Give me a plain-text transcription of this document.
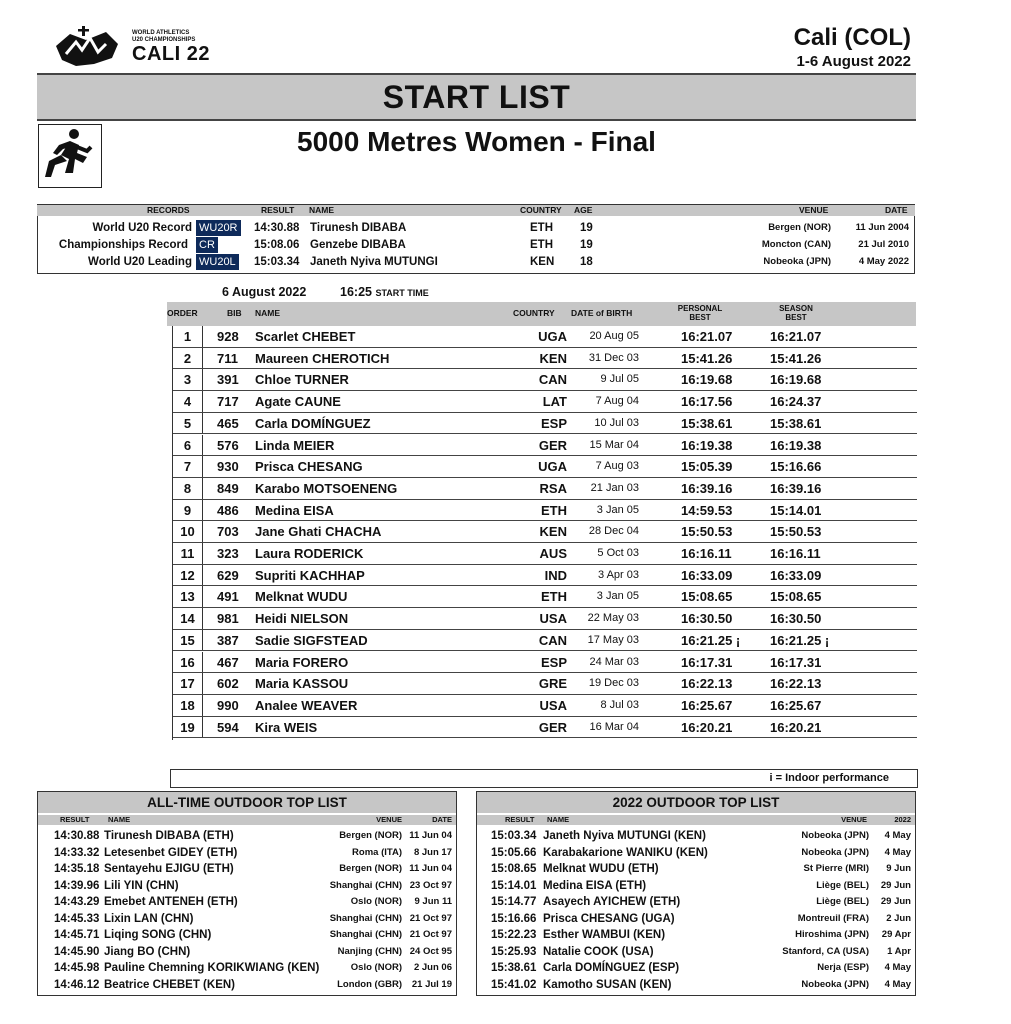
WORLD ATHLETICS
U20 CHAMPIONSHIPS
CALI 22
Cali (COL)
1-6 August 2022
START LIST
5000 Metres Women - Final
RECORDS	RESULT NAME	COUNTRY AGE	VENUE	DATE
World U20 Record WU20R 14:30.88 Tirunesh DIBABA	ETH 19	Bergen (NOR)	11 Jun 2004
Championships Record CR	15:08.06 Genzebe DIBABA	ETH 19	Moncton (CAN)	21 Jul 2010
World U20 Leading WU20L 15:03.34 Janeth Nyiva MUTUNGI	KEN 18	Nobeoka (JPN)	4 May 2022
6 August 2022	16:25 START TIME
ORDER	BIB NAME	COUNTRY DATE of BIRTH	PERSONAL BEST
SEASON BEST
1	928 Scarlet CHEBET	UGA	20 Aug 05	16:21.07	16:21.07
2	711 Maureen CHEROTICH	KEN	31 Dec 03	15:41.26	15:41.26
3	391 Chloe TURNER	CAN	9 Jul 05	16:19.68	16:19.68
4	717 Agate CAUNE	LAT	7 Aug 04	16:17.56	16:24.37
5	465 Carla DOMÍNGUEZ	ESP	10 Jul 03	15:38.61	15:38.61
6	576 Linda MEIER	GER	15 Mar 04	16:19.38	16:19.38
7	930 Prisca CHESANG	UGA	7 Aug 03	15:05.39	15:16.66
8	849 Karabo MOTSOENENG	RSA	21 Jan 03	16:39.16	16:39.16
9	486 Medina EISA	ETH	3 Jan 05	14:59.53	15:14.01
10	703 Jane Ghati CHACHA	KEN	28 Dec 04	15:50.53	15:50.53
11	323 Laura RODERICK	AUS	5 Oct 03	16:16.11	16:16.11
12	629 Supriti KACHHAP	IND	3 Apr 03	16:33.09	16:33.09
13	491 Melknat WUDU	ETH	3 Jan 05	15:08.65	15:08.65
14	981 Heidi NIELSON	USA	22 May 03	16:30.50	16:30.50
15	387 Sadie SIGFSTEAD	CAN	17 May 03	16:21.25 ¡ 16:21.25 ¡
16	467 Maria FORERO	ESP	24 Mar 03	16:17.31	16:17.31
17	602 Maria KASSOU	GRE	19 Dec 03	16:22.13	16:22.13
18	990 Analee WEAVER	USA	8 Jul 03	16:25.67	16:25.67
19	594 Kira WEIS	GER	16 Mar 04	16:20.21	16:20.21
i = Indoor performance
ALL-TIME OUTDOOR TOP LIST
RESULT NAME	VENUE	DATE
14:30.88 Tirunesh DIBABA (ETH)	Bergen (NOR) 11 Jun 04
14:33.32 Letesenbet GIDEY (ETH)	Roma (ITA) 8 Jun 17
14:35.18 Sentayehu EJIGU (ETH)	Bergen (NOR) 11 Jun 04
14:39.96 Lili YIN (CHN)	Shanghai (CHN) 23 Oct 97
14:43.29 Emebet ANTENEH (ETH)	Oslo (NOR) 9 Jun 11
14:45.33 Lixin LAN (CHN)	Shanghai (CHN) 21 Oct 97
14:45.71 Liqing SONG (CHN)	Shanghai (CHN) 21 Oct 97
14:45.90 Jiang BO (CHN)	Nanjing (CHN) 24 Oct 95
14:45.98 Pauline Chemning KORIKWIANG (KEN)	Oslo (NOR) 2 Jun 06
14:46.12 Beatrice CHEBET (KEN)	London (GBR) 21 Jul 19
2022 OUTDOOR TOP LIST
RESULT NAME	VENUE	2022
15:03.34 Janeth Nyiva MUTUNGI (KEN)	Nobeoka (JPN) 4 May
15:05.66 Karabakarione WANIKU (KEN)	Nobeoka (JPN) 4 May
15:08.65 Melknat WUDU (ETH)	St Pierre (MRI) 9 Jun
15:14.01 Medina EISA (ETH)	Liège (BEL) 29 Jun
15:14.77 Asayech AYICHEW (ETH)	Liège (BEL) 29 Jun
15:16.66 Prisca CHESANG (UGA)	Montreuil (FRA) 2 Jun
15:22.23 Esther WAMBUI (KEN)	Hiroshima (JPN) 29 Apr
15:25.93 Natalie COOK (USA)	Stanford, CA (USA) 1 Apr
15:38.61 Carla DOMÍNGUEZ (ESP)	Nerja (ESP) 4 May
15:41.02 Kamotho SUSAN (KEN)	Nobeoka (JPN) 4 May
